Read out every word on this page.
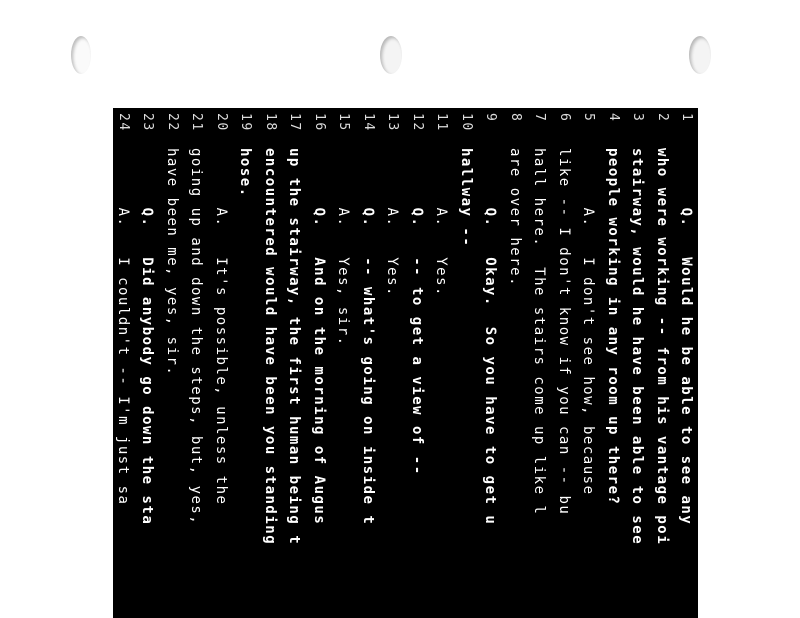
1
Q.   Would he be able to see any
2
who were working -- from his vantage poi
3
stairway, would he have been able to see
4
people working in any room up there?
5
A.   I don't see how, because
6
like -- I don't know if you can -- bu
7
hall here.  The stairs come up like l
8
are over here.
9
Q.   Okay.  So you have to get u
10
hallway --
11
A.   Yes.
12
Q.   -- to get a view of --
13
A.   Yes.
14
Q.   -- what's going on inside t
15
A.   Yes, sir.
16
Q.   And on the morning of Augus
17
up the stairway, the first human being t
18
encountered would have been you standing
19
hose.
20
A.   It's possible, unless the
21
going up and down the steps, but, yes,
22
have been me, yes, sir.
23
Q.   Did anybody go down the sta
24
A.   I couldn't -- I'm just sa
